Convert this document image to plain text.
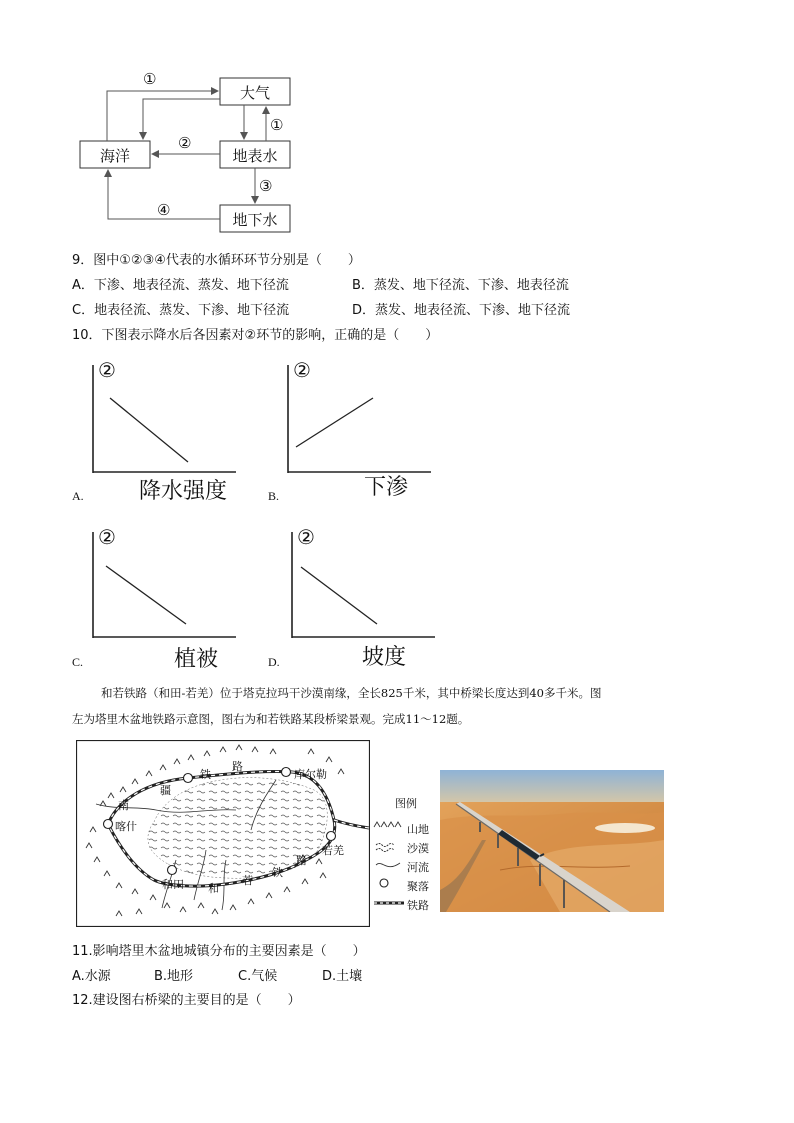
大气
海洋	地表水
地下水
①
①
②
③
④
9．图中①②③④代表的水循环环节分别是（　　）
A．下渗、地表径流、蒸发、地下径流	B．蒸发、地下径流、下渗、地表径流
C．地表径流、蒸发、下渗、地下径流	D．蒸发、地表径流、下渗、地下径流
10．下图表示降水后各因素对②环节的影响，正确的是（　　）
②
降水强度
A.
②
下渗
B.
②
植被
C.
②
坡度
D.
和若铁路（和田-若羌）位于塔克拉玛干沙漠南缘，全长825千米，其中桥梁长度达到40多千米。图
左为塔里木盆地铁路示意图，图右为和若铁路某段桥梁景观。完成11～12题。
南
疆
铁
路
库尔勒
喀什
若羌
和田 和
若
铁
路
图例
山地
沙漠
河流
聚落
铁路
11.影响塔里木盆地城镇分布的主要因素是（　　）
A.水源	B.地形	C.气候	D.土壤
12.建设图右桥梁的主要目的是（　　）
